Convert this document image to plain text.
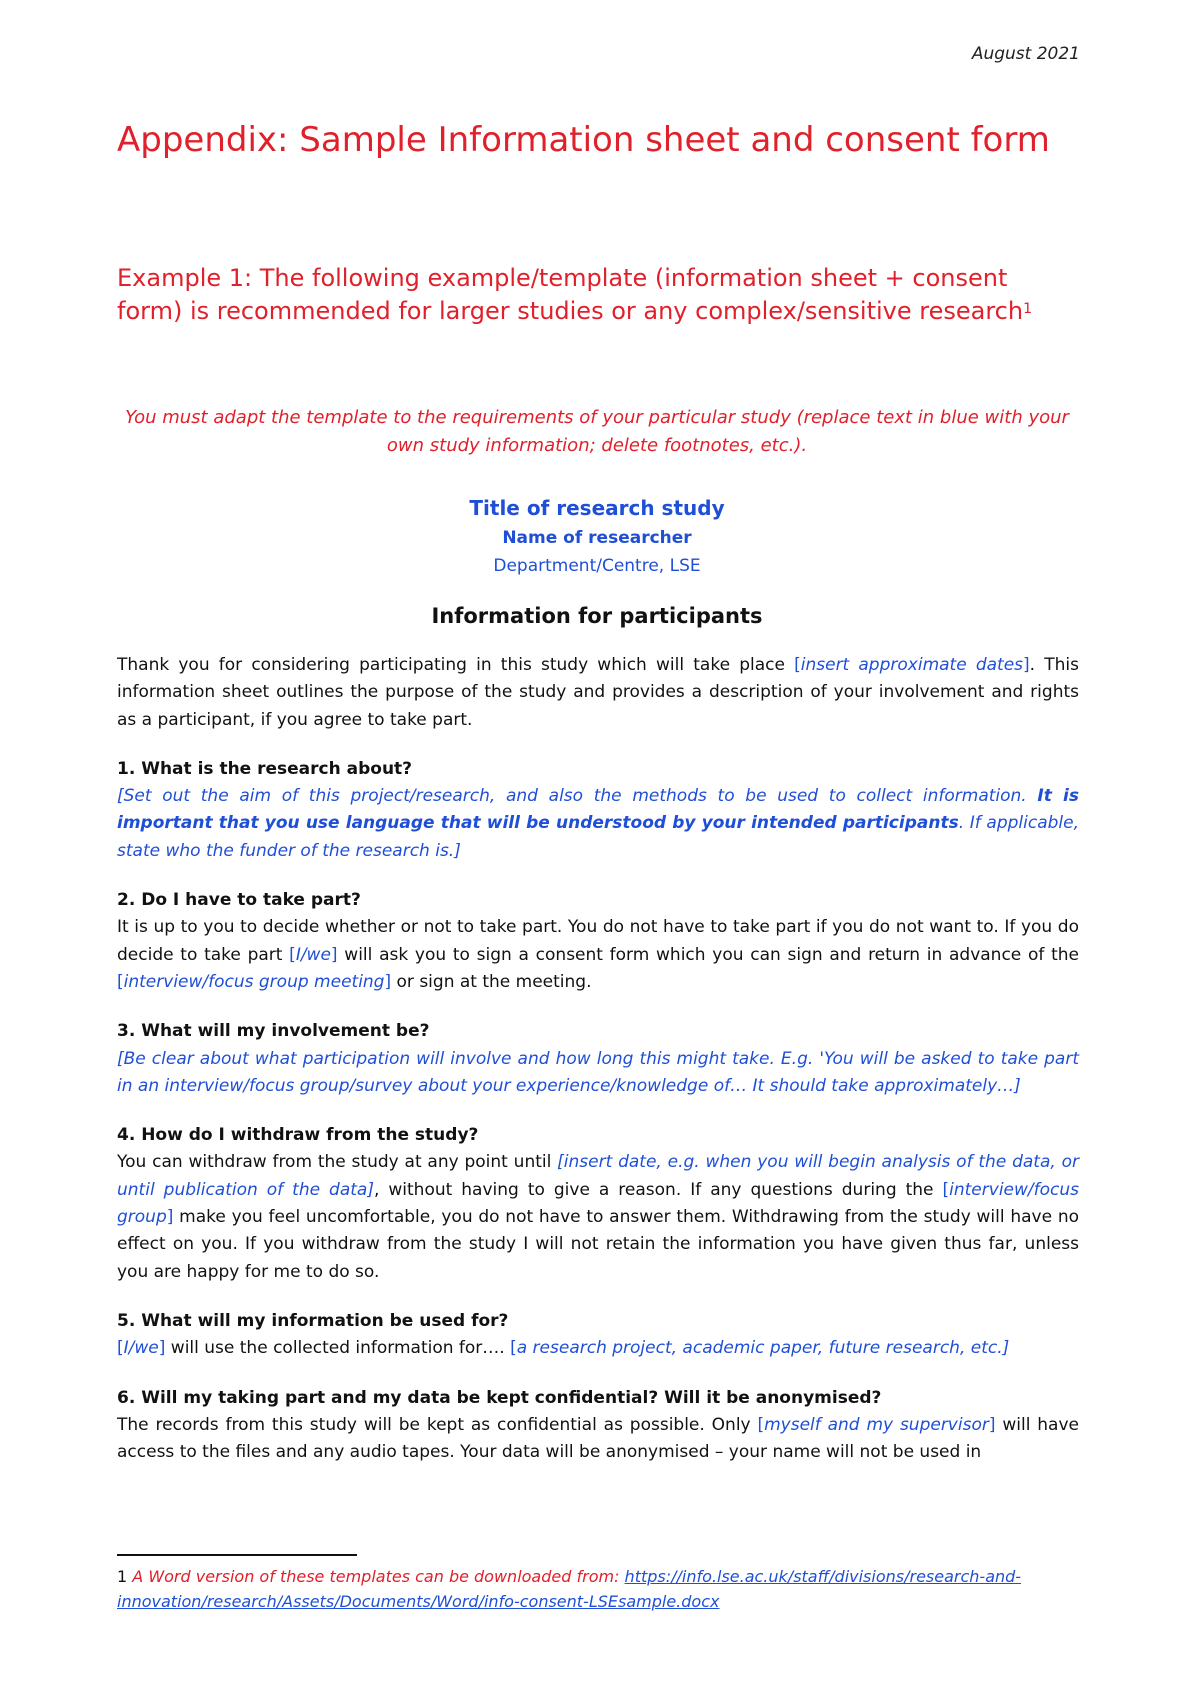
August 2021
Appendix: Sample Information sheet and consent form
Example 1: The following example/template (information sheet + consent form) is recommended for larger studies or any complex/sensitive research$^1$

You must adapt the template to the requirements of your particular study (replace text in blue with your own study information; delete footnotes, etc.).

Title of research study
Name of researcher
Department/Centre, LSE
Information for participants

Thank you for considering participating in this study which will take place [insert approximate dates]. This information sheet outlines the purpose of the study and provides a description of your involvement and rights as a participant, if you agree to take part.

1. What is the research about?

[Set out the aim of this project/research, and also the methods to be used to collect information. It is important that you use language that will be understood by your intended participants. If applicable, state who the funder of the research is.]

2. Do I have to take part?

It is up to you to decide whether or not to take part. You do not have to take part if you do not want to. If you do decide to take part [I/we] will ask you to sign a consent form which you can sign and return in advance of the [interview/focus group meeting] or sign at the meeting.

3. What will my involvement be?

[Be clear about what participation will involve and how long this might take. E.g. 'You will be asked to take part in an interview/focus group/survey about your experience/knowledge of… It should take approximately…]

4. How do I withdraw from the study?

You can withdraw from the study at any point until [insert date, e.g. when you will begin analysis of the data, or until publication of the data], without having to give a reason. If any questions during the [interview/focus group] make you feel uncomfortable, you do not have to answer them. Withdrawing from the study will have no effect on you. If you withdraw from the study I will not retain the information you have given thus far, unless you are happy for me to do so.

5. What will my information be used for?

[I/we] will use the collected information for…. [a research project, academic paper, future research, etc.]

6. Will my taking part and my data be kept confidential? Will it be anonymised?

The records from this study will be kept as confidential as possible. Only [myself and my supervisor] will have access to the files and any audio tapes. Your data will be anonymised – your name will not be used in

1 A Word version of these templates can be downloaded from: https://info.lse.ac.uk/staff/divisions/research-and-innovation/research/Assets/Documents/Word/info-consent-LSEsample.docx
